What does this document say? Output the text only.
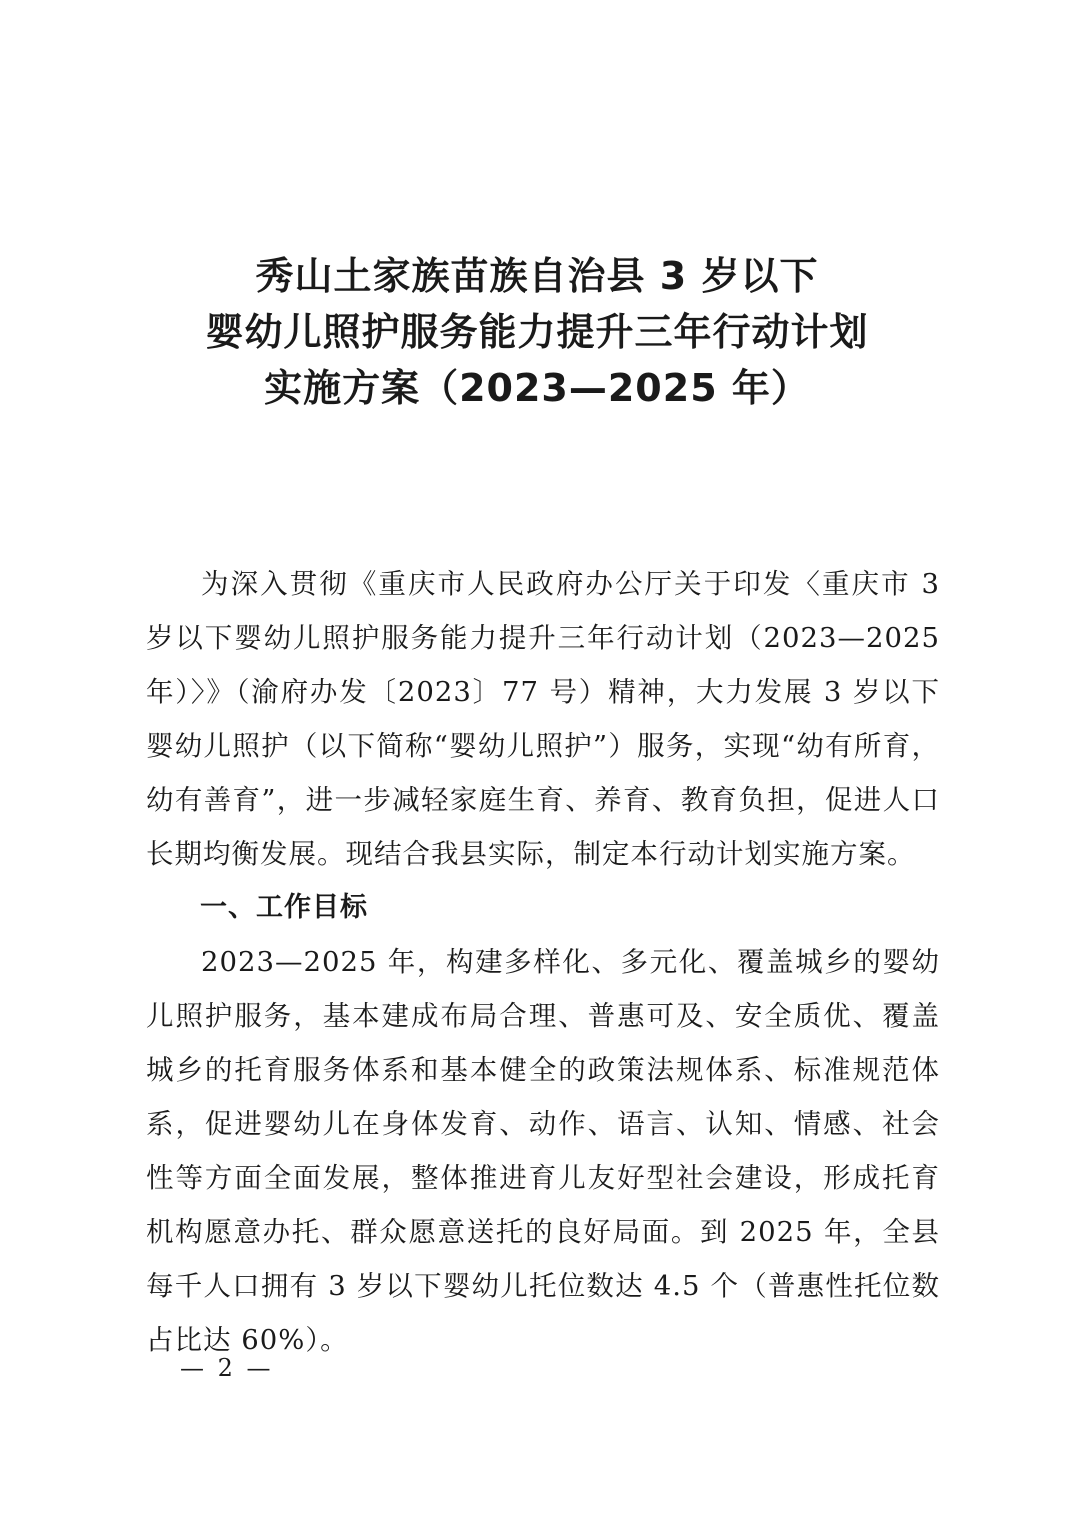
秀山土家族苗族自治县 3 岁以下
婴幼儿照护服务能力提升三年行动计划
实施方案（2023—2025 年）

为深入贯彻《重庆市人民政府办公厅关于印发〈重庆市 3 岁以下婴幼儿照护服务能力提升三年行动计划（2023—2025 年）〉》（渝府办发〔2023〕77 号）精神，大力发展 3 岁以下婴幼儿照护（以下简称“婴幼儿照护”）服务，实现“幼有所育，幼有善育”，进一步减轻家庭生育、养育、教育负担，促进人口长期均衡发展。现结合我县实际，制定本行动计划实施方案。

一、工作目标

2023—2025 年，构建多样化、多元化、覆盖城乡的婴幼儿照护服务，基本建成布局合理、普惠可及、安全质优、覆盖城乡的托育服务体系和基本健全的政策法规体系、标准规范体系，促进婴幼儿在身体发育、动作、语言、认知、情感、社会性等方面全面发展，整体推进育儿友好型社会建设，形成托育机构愿意办托、群众愿意送托的良好局面。到 2025 年，全县每千人口拥有 3 岁以下婴幼儿托位数达 4.5 个（普惠性托位数占比达 60%）。

— 2 —
